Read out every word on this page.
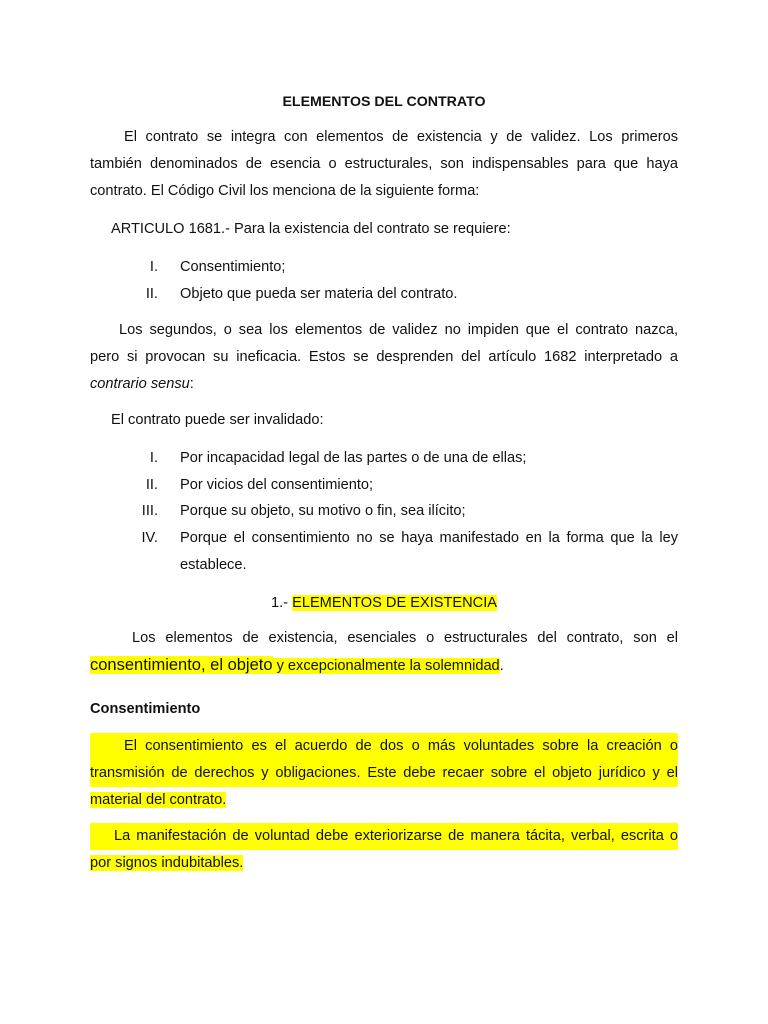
ELEMENTOS DEL CONTRATO
El contrato se integra con elementos de existencia y de validez. Los primeros
también denominados de esencia o estructurales, son indispensables para que haya
contrato. El Código Civil los menciona de la siguiente forma:
ARTICULO 1681.- Para la existencia del contrato se requiere:
I. Consentimiento;
II. Objeto que pueda ser materia del contrato.
Los segundos, o sea los elementos de validez no impiden que el contrato nazca,
pero si provocan su ineficacia. Estos se desprenden del artículo 1682 interpretado a
contrario sensu:
El contrato puede ser invalidado:
I. Por incapacidad legal de las partes o de una de ellas;
II. Por vicios del consentimiento;
III. Porque su objeto, su motivo o fin, sea ilícito;
IV. Porque el consentimiento no se haya manifestado en la forma que la ley
establece.
1.- ELEMENTOS DE EXISTENCIA
Los elementos de existencia, esenciales o estructurales del contrato, son el
consentimiento, el objeto y excepcionalmente la solemnidad.
Consentimiento
El consentimiento es el acuerdo de dos o más voluntades sobre la creación o
transmisión de derechos y obligaciones. Este debe recaer sobre el objeto jurídico y el
material del contrato.
La manifestación de voluntad debe exteriorizarse de manera tácita, verbal, escrita o
por signos indubitables.
